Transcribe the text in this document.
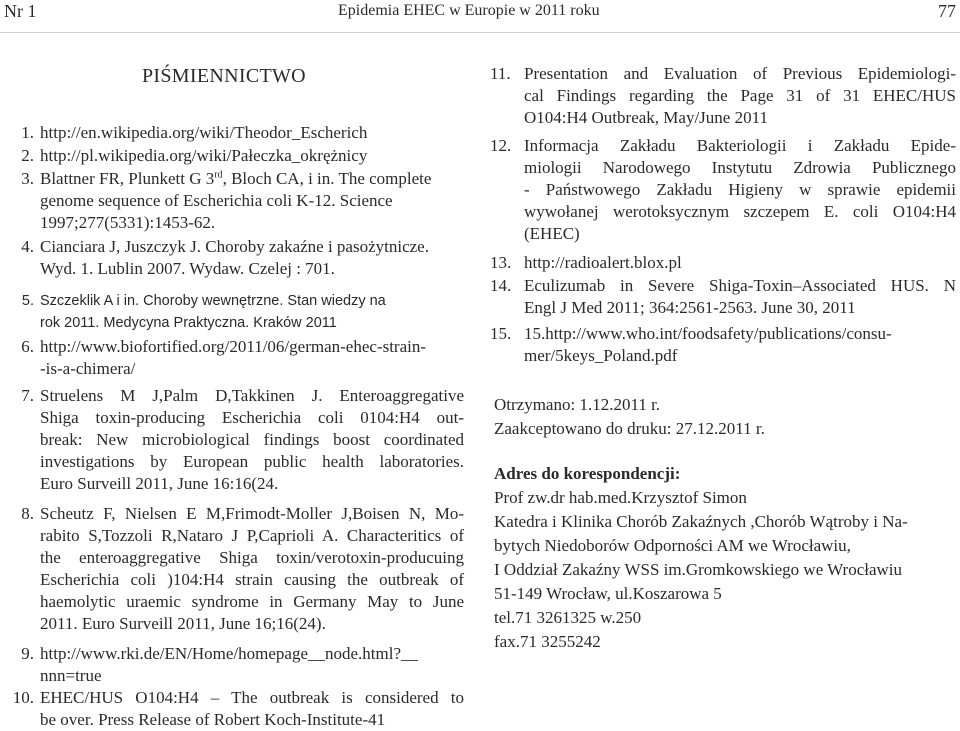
Nr 1	Epidemia EHEC w Europie w 2011 roku	77
PIŚMIENNICTWO
1. http://en.wikipedia.org/wiki/Theodor_Escherich
2. http://pl.wikipedia.org/wiki/Pałeczka_okrężnicy
3. Blattner FR, Plunkett G 3rd, Bloch CA, i in. The complete
genome sequence of Escherichia coli K-12. Science
1997;277(5331):1453-62.
4. Cianciara J, Juszczyk J. Choroby zakaźne i pasożytnicze.
Wyd. 1. Lublin 2007. Wydaw. Czelej : 701.
5. Szczeklik A i in. Choroby wewnętrzne. Stan wiedzy na
rok 2011. Medycyna Praktyczna. Kraków 2011
6. http://www.biofortified.org/2011/06/german-ehec-strain-
-is-a-chimera/
7. Struelens M J,Palm D,Takkinen J. Enteroaggregative
Shiga toxin-producing Escherichia coli 0104:H4 out-
break: New microbiological findings boost coordinated
investigations by European public health laboratories.
Euro Surveill 2011, June 16:16(24.
8. Scheutz F, Nielsen E M,Frimodt-Moller J,Boisen N, Mo-
rabito S,Tozzoli R,Nataro J P,Caprioli A. Characteritics of
the enteroaggregative Shiga toxin/verotoxin-producuing
Escherichia coli )104:H4 strain causing the outbreak of
haemolytic uraemic syndrome in Germany May to June
2011. Euro Surveill 2011, June 16;16(24).
9. http://www.rki.de/EN/Home/homepage__node.html?__
nnn=true
10. EHEC/HUS O104:H4 – The outbreak is considered to
be over. Press Release of Robert Koch-Institute-41
11. Presentation and Evaluation of Previous Epidemiologi-
cal Findings regarding the Page 31 of 31 EHEC/HUS
O104:H4 Outbreak, May/June 2011
12. Informacja Zakładu Bakteriologii i Zakładu Epide-
miologii Narodowego Instytutu Zdrowia Publicznego
- Państwowego Zakładu Higieny w sprawie epidemii
wywołanej werotoksycznym szczepem E. coli O104:H4
(EHEC)
13. http://radioalert.blox.pl
14. Eculizumab in Severe Shiga-Toxin–Associated HUS. N
Engl J Med 2011; 364:2561-2563. June 30, 2011
15. 15.http://www.who.int/foodsafety/publications/consu-
mer/5keys_Poland.pdf
Otrzymano: 1.12.2011 r.
Zaakceptowano do druku: 27.12.2011 r.
Adres do korespondencji:
Prof zw.dr hab.med.Krzysztof Simon
Katedra i Klinika Chorób Zakaźnych ,Chorób Wątroby i Na-
bytych Niedoborów Odporności AM we Wrocławiu,
I Oddział Zakaźny WSS im.Gromkowskiego we Wrocławiu
51-149 Wrocław, ul.Koszarowa 5
tel.71 3261325 w.250
fax.71 3255242
